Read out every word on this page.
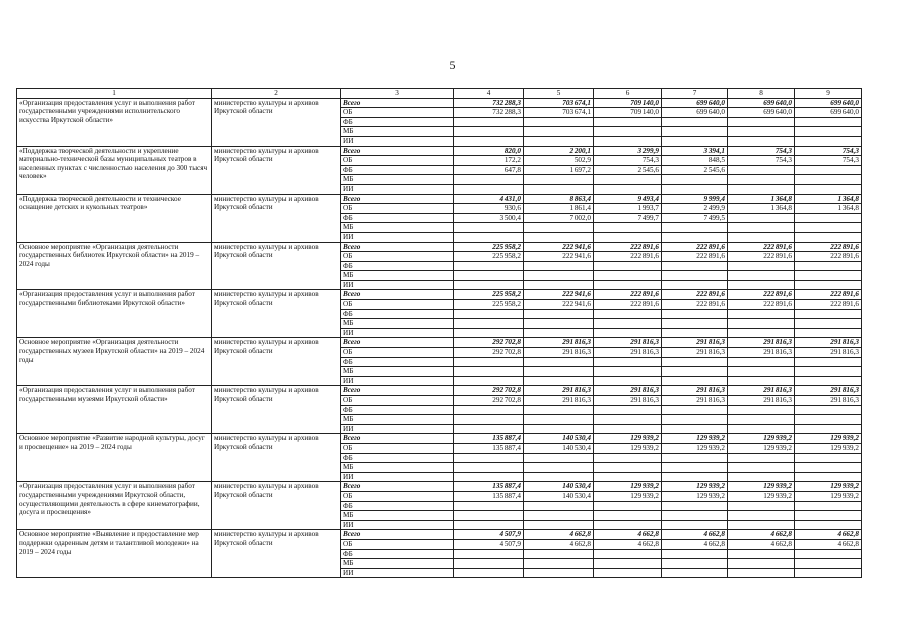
5
1	2	3	4	5	6	7	8	9
«Организация предоставления услуг и выполнения работ государственными учреждениями исполнительского искусства Иркутской области»	министерство культуры и архивов Иркутской области	Всего	732 288,3	703 674,1	709 140,0	699 640,0	699 640,0	699 640,0
		ОБ	732 288,3	703 674,1	709 140,0	699 640,0	699 640,0	699 640,0
		ФБ						
		МБ						
		ИИ						
«Поддержка творческой деятельности и укрепление материально-технической базы муниципальных театров в населенных пунктах с численностью населения до 300 тысяч человек»	министерство культуры и архивов Иркутской области	Всего	820,0	2 200,1	3 299,9	3 394,1	754,3	754,3
		ОБ	172,2	502,9	754,3	848,5	754,3	754,3
		ФБ	647,8	1 697,2	2 545,6	2 545,6		
		МБ						
		ИИ						
«Поддержка творческой деятельности и техническое оснащение детских и кукольных театров»	министерство культуры и архивов Иркутской области	Всего	4 431,0	8 863,4	9 493,4	9 999,4	1 364,8	1 364,8
		ОБ	930,6	1 861,4	1 993,7	2 499,9	1 364,8	1 364,8
		ФБ	3 500,4	7 002,0	7 499,7	7 499,5		
		МБ						
		ИИ						
Основное мероприятие «Организация деятельности государственных библиотек Иркутской области» на 2019 – 2024 годы	министерство культуры и архивов Иркутской области	Всего	225 958,2	222 941,6	222 891,6	222 891,6	222 891,6	222 891,6
		ОБ	225 958,2	222 941,6	222 891,6	222 891,6	222 891,6	222 891,6
		ФБ						
		МБ						
		ИИ						
«Организация предоставления услуг и выполнения работ государственными библиотеками Иркутской области»	министерство культуры и архивов Иркутской области	Всего	225 958,2	222 941,6	222 891,6	222 891,6	222 891,6	222 891,6
		ОБ	225 958,2	222 941,6	222 891,6	222 891,6	222 891,6	222 891,6
		ФБ						
		МБ						
		ИИ						
Основное мероприятие «Организация деятельности государственных музеев Иркутской области» на 2019 – 2024 годы	министерство культуры и архивов Иркутской области	Всего	292 702,8	291 816,3	291 816,3	291 816,3	291 816,3	291 816,3
		ОБ	292 702,8	291 816,3	291 816,3	291 816,3	291 816,3	291 816,3
		ФБ						
		МБ						
		ИИ						
«Организация предоставления услуг и выполнения работ государственными музеями Иркутской области»	министерство культуры и архивов Иркутской области	Всего	292 702,8	291 816,3	291 816,3	291 816,3	291 816,3	291 816,3
		ОБ	292 702,8	291 816,3	291 816,3	291 816,3	291 816,3	291 816,3
		ФБ						
		МБ						
		ИИ						
Основное мероприятие «Развитие народной культуры, досуг и просвещение» на 2019 – 2024 годы	министерство культуры и архивов Иркутской области	Всего	135 887,4	140 530,4	129 939,2	129 939,2	129 939,2	129 939,2
		ОБ	135 887,4	140 530,4	129 939,2	129 939,2	129 939,2	129 939,2
		ФБ						
		МБ						
		ИИ						
«Организация предоставления услуг и выполнения работ государственными учреждениями Иркутской области, осуществляющими деятельность в сфере кинематографии, досуга и просвещения»	министерство культуры и архивов Иркутской области	Всего	135 887,4	140 530,4	129 939,2	129 939,2	129 939,2	129 939,2
		ОБ	135 887,4	140 530,4	129 939,2	129 939,2	129 939,2	129 939,2
		ФБ						
		МБ						
		ИИ						
Основное мероприятие «Выявление и предоставление мер поддержки одаренным детям и талантливой молодежи» на 2019 – 2024 годы	министерство культуры и архивов Иркутской области	Всего	4 507,9	4 662,8	4 662,8	4 662,8	4 662,8	4 662,8
		ОБ	4 507,9	4 662,8	4 662,8	4 662,8	4 662,8	4 662,8
		ФБ						
		МБ						
		ИИ						
